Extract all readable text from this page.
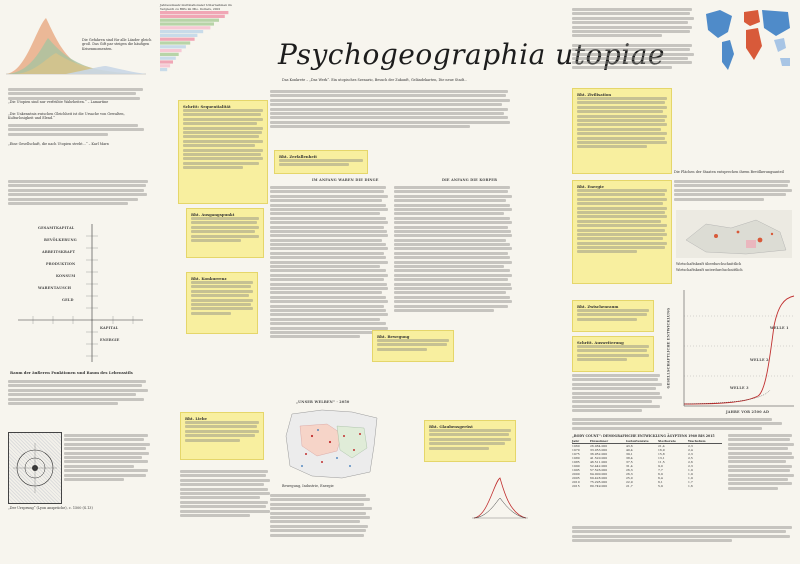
Psychogeographia utopiae
Das Konkrete – „Das Werk“. Ein utopisches Szenario, Besuch der Zukunft, Geländekarten, Die neue Stadt...
Die Gefahren sind für alle Länder gleich groß. Das Gift par steigen die häufigen Krisenmomenten.
Jahresumsatz multinationaler Unternehmen im Vergleich zu BIPs im Mio. Dollars, 2001
„Die Utopien sind nur verfrühte Wahrheiten.“ – Lamartine
„Die Unkenntnis zwischen Gleichheit ist die Ursache von Gewalten, Kulturlosigkeit und Elend.“
„Eine Gesellschaft, die nach Utopien strebt...“ – Karl Marx
GESAMTKAPITAL
BEVÖLKERUNG
ARBEITSKRAFT
PRODUKTION
KONSUM
WARENTAUSCH
GELD
KAPITAL
ENERGIE
Raum der äußeren Funktionen und Raum des Lebensstils
„Der Ursprung“ (Lyon ansprüche), c. 1500 (S.13)
Schritt: Sequentialität
Rht. Ausgangspunkt
Rht. Konkurrenz
Rht. Liebe
IM ANFANG WAREN DIE DINGE	DIE ANFANG DIE KORPER
Rht. Zerfallenheit
Rht. Bewegung
„UNSER WELBEN“ · 2050
Bewegung, Industrie, Energie
Rht. Glaubensgerüst
Rht. Zivilisation
Rht. Energie
Die Flächen der Staaten entsprechen ihrem Bevölkerungsanteil
Wirtschaftskraft überdurchschnittlich
Wirtschaftskraft unterdurchschnittlich
Rht. Zwischenraum
Schritt. Ausweiterung
WELLE 1
WELLE 2
WELLE 3
JAHRE VOR 2500 AD
GESELLSCHAFTLICHE ENTWICKLUNG
„BODY COUNT“: DEMOGRAFISCHE ENTWICKLUNG ÄGYPTENS 1960 BIS 2015
Jahr	Einwohner	Geburtenrate	Sterberate	Wachstum
1960	26.084.000	43,6	21,4	2,3
1970	33.053.000	40,4	16,9	2,4
1975	36.952.000	39,1	15,8	2,3
1980	41.520.000	38,4	13,1	2,5
1985	46.511.000	37,5	11,5	2,6
1990	52.442.000	31,4	9,0	2,3
1995	57.526.000	26,3	7,7	1,9
2000	64.000.000	26,3	6,9	1,9
2005	69.428.000	25,0	6,4	1,9
2010	75.295.000	22,9	6,1	1,7
2015	80.749.000	21,7	5,9	1,6
